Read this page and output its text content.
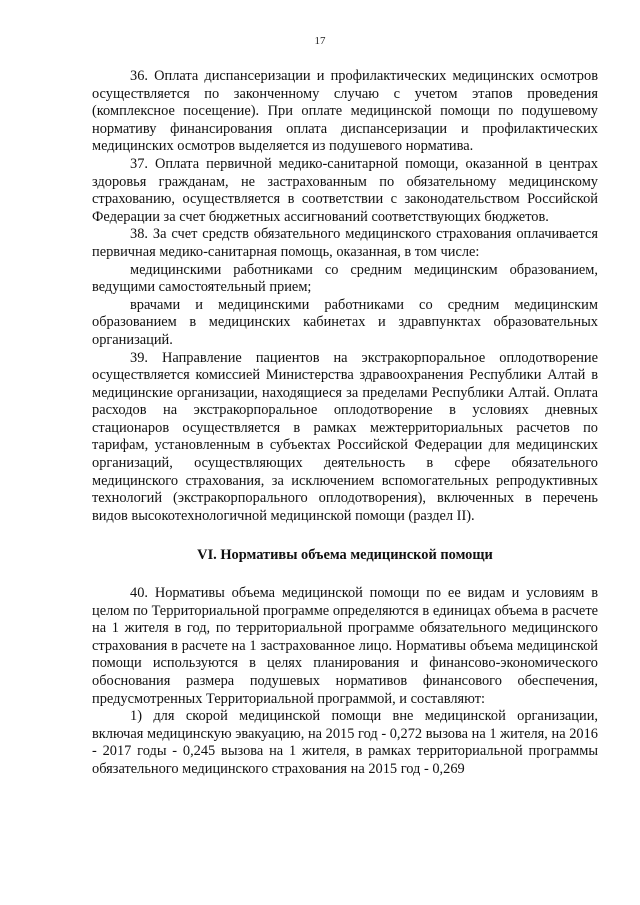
17

36. Оплата диспансеризации и профилактических медицинских осмотров осуществляется по законченному случаю с учетом этапов проведения (комплексное посещение). При оплате медицинской помощи по подушевому нормативу финансирования оплата диспансеризации и профилактических медицинских осмотров выделяется из подушевого норматива.

37. Оплата первичной медико-санитарной помощи, оказанной в центрах здоровья гражданам, не застрахованным по обязательному медицинскому страхованию, осуществляется в соответствии с законодательством Российской Федерации за счет бюджетных ассигнований соответствующих бюджетов.

38. За счет средств обязательного медицинского страхования оплачивается первичная медико-санитарная помощь, оказанная, в том числе:

медицинскими работниками со средним медицинским образованием, ведущими самостоятельный прием;

врачами и медицинскими работниками со средним медицинским образованием в медицинских кабинетах и здравпунктах образовательных организаций.

39. Направление пациентов на экстракорпоральное оплодотворение осуществляется комиссией Министерства здравоохранения Республики Алтай в медицинские организации, находящиеся за пределами Республики Алтай. Оплата расходов на экстракорпоральное оплодотворение в условиях дневных стационаров осуществляется в рамках межтерриториальных расчетов по тарифам, установленным в субъектах Российской Федерации для медицинских организаций, осуществляющих деятельность в сфере обязательного медицинского страхования, за исключением вспомогательных репродуктивных технологий (экстракорпорального оплодотворения), включенных в перечень видов высокотехнологичной медицинской помощи (раздел II).

VI. Нормативы объема медицинской помощи

40. Нормативы объема медицинской помощи по ее видам и условиям в целом по Территориальной программе определяются в единицах объема в расчете на 1 жителя в год, по территориальной программе обязательного медицинского страхования в расчете на 1 застрахованное лицо. Нормативы объема медицинской помощи используются в целях планирования и финансово-экономического обоснования размера подушевых нормативов финансового обеспечения, предусмотренных Территориальной программой, и составляют:

1) для скорой медицинской помощи вне медицинской организации, включая медицинскую эвакуацию, на 2015 год - 0,272 вызова на 1 жителя, на 2016 - 2017 годы - 0,245 вызова на 1 жителя, в рамках территориальной программы обязательного медицинского страхования на 2015 год - 0,269
